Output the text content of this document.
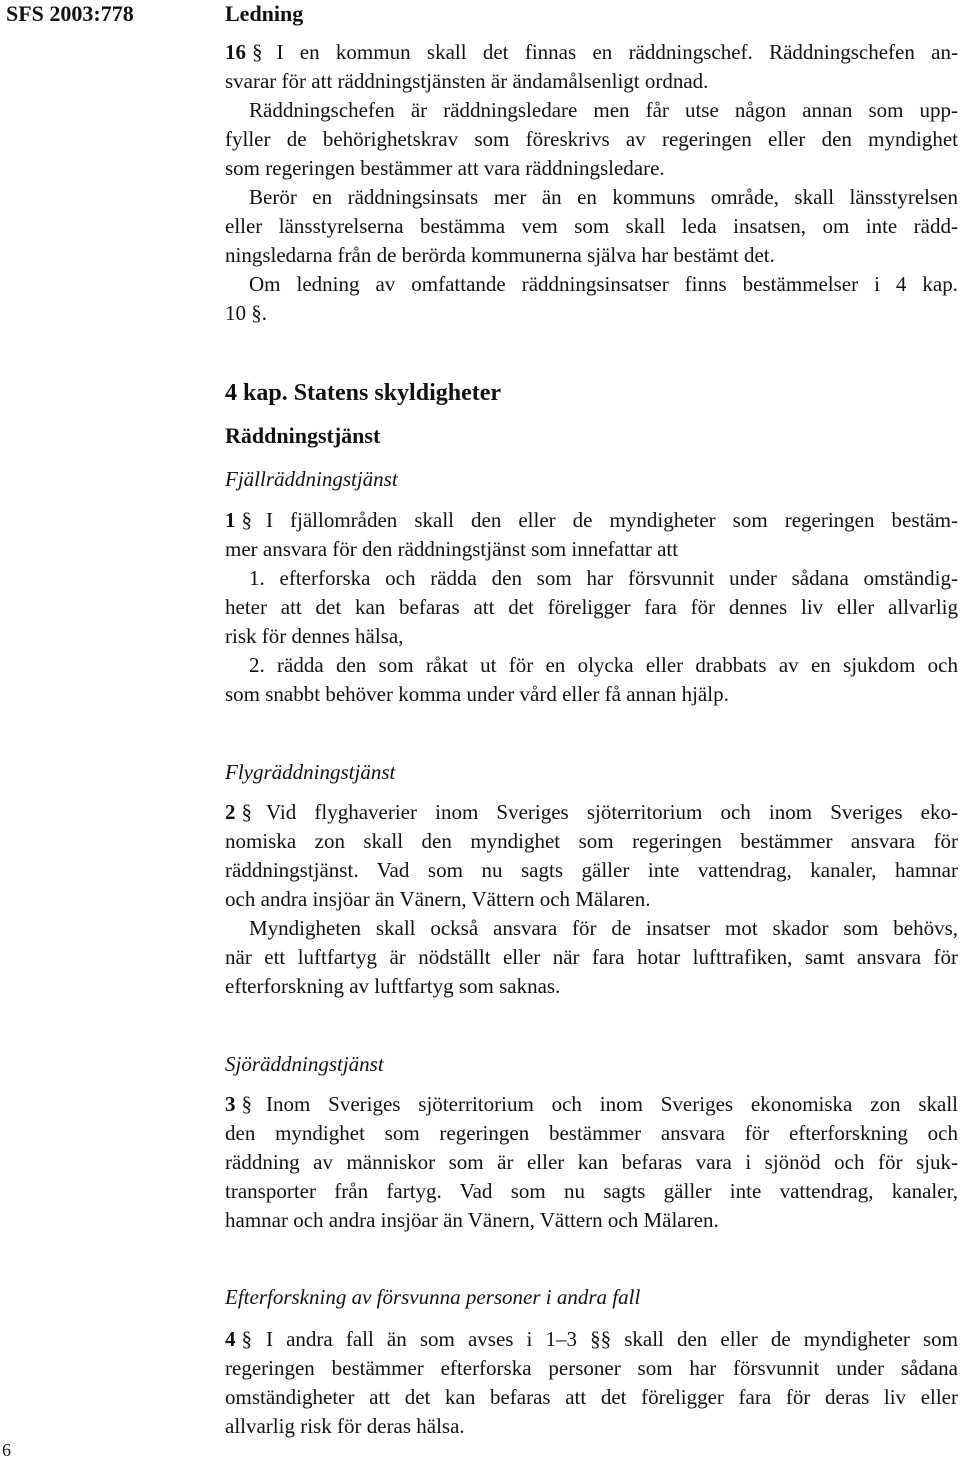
SFS 2003:778	Ledning
16 § I en kommun skall det finnas en räddningschef. Räddningschefen an-
svarar för att räddningstjänsten är ändamålsenligt ordnad.
Räddningschefen är räddningsledare men får utse någon annan som upp-
fyller de behörighetskrav som föreskrivs av regeringen eller den myndighet
som regeringen bestämmer att vara räddningsledare.
Berör en räddningsinsats mer än en kommuns område, skall länsstyrelsen
eller länsstyrelserna bestämma vem som skall leda insatsen, om inte rädd-
ningsledarna från de berörda kommunerna själva har bestämt det.
Om ledning av omfattande räddningsinsatser finns bestämmelser i 4 kap.
10 §.
4 kap. Statens skyldigheter
Räddningstjänst
Fjällräddningstjänst
1 § I fjällområden skall den eller de myndigheter som regeringen bestäm-
mer ansvara för den räddningstjänst som innefattar att
1. efterforska och rädda den som har försvunnit under sådana omständig-
heter att det kan befaras att det föreligger fara för dennes liv eller allvarlig
risk för dennes hälsa,
2. rädda den som råkat ut för en olycka eller drabbats av en sjukdom och
som snabbt behöver komma under vård eller få annan hjälp.
Flygräddningstjänst
2 § Vid flyghaverier inom Sveriges sjöterritorium och inom Sveriges eko-
nomiska zon skall den myndighet som regeringen bestämmer ansvara för
räddningstjänst. Vad som nu sagts gäller inte vattendrag, kanaler, hamnar
och andra insjöar än Vänern, Vättern och Mälaren.
Myndigheten skall också ansvara för de insatser mot skador som behövs,
när ett luftfartyg är nödställt eller när fara hotar lufttrafiken, samt ansvara för
efterforskning av luftfartyg som saknas.
Sjöräddningstjänst
3 § Inom Sveriges sjöterritorium och inom Sveriges ekonomiska zon skall
den myndighet som regeringen bestämmer ansvara för efterforskning och
räddning av människor som är eller kan befaras vara i sjönöd och för sjuk-
transporter från fartyg. Vad som nu sagts gäller inte vattendrag, kanaler,
hamnar och andra insjöar än Vänern, Vättern och Mälaren.
Efterforskning av försvunna personer i andra fall
4 § I andra fall än som avses i 1–3 §§ skall den eller de myndigheter som
regeringen bestämmer efterforska personer som har försvunnit under sådana
omständigheter att det kan befaras att det föreligger fara för deras liv eller
allvarlig risk för deras hälsa.
6
